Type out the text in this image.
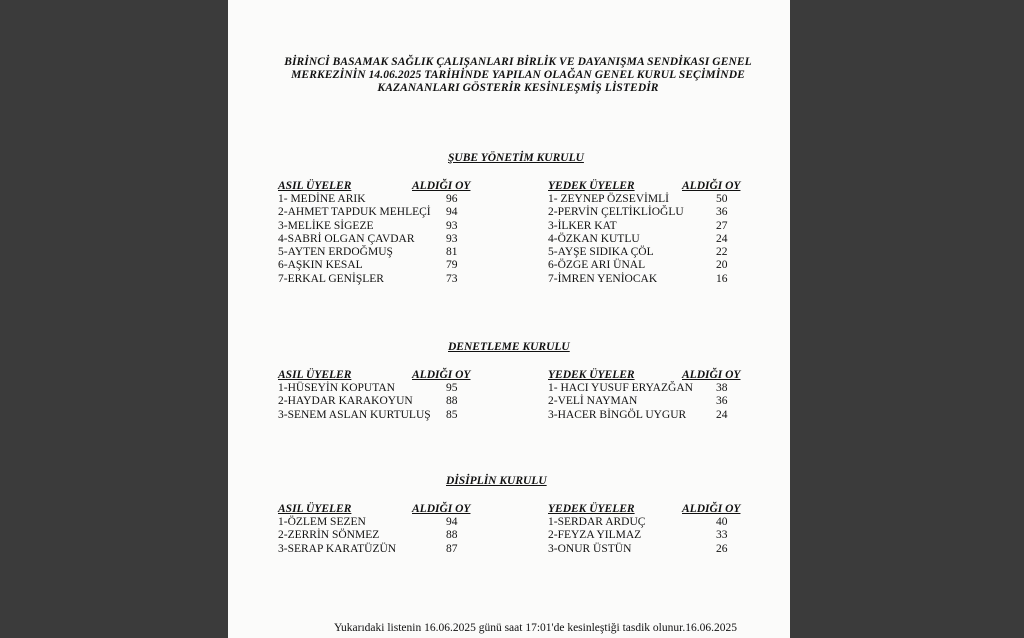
BİRİNCİ BASAMAK SAĞLIK ÇALIŞANLARI BİRLİK VE DAYANIŞMA SENDİKASI GENEL
MERKEZİNİN 14.06.2025 TARİHİNDE YAPILAN OLAĞAN GENEL KURUL SEÇİMİNDE
KAZANANLARI GÖSTERİR KESİNLEŞMİŞ LİSTEDİR
ŞUBE YÖNETİM KURULU
ASIL ÜYELER	ALDIĞI OY
1- MEDİNE ARIK	96
2-AHMET TAPDUK MEHLEÇİ	94
3-MELİKE SİGEZE	93
4-SABRİ OLGAN ÇAVDAR	93
5-AYTEN ERDOĞMUŞ	81
6-AŞKIN KESAL	79
7-ERKAL GENİŞLER	73
YEDEK ÜYELER	ALDIĞI OY
1- ZEYNEP ÖZSEVİMLİ	50
2-PERVİN ÇELTİKLİOĞLU	36
3-İLKER KAT	27
4-ÖZKAN KUTLU	24
5-AYŞE SIDIKA ÇÖL	22
6-ÖZGE ARI ÜNAL	20
7-İMREN YENİOCAK	16
DENETLEME KURULU
ASIL ÜYELER	ALDIĞI OY
1-HÜSEYİN KOPUTAN	95
2-HAYDAR KARAKOYUN	88
3-SENEM ASLAN KURTULUŞ	85
YEDEK ÜYELER	ALDIĞI OY
1- HACI YUSUF ERYAZĞAN	38
2-VELİ NAYMAN	36
3-HACER BİNGÖL UYGUR	24
DİSİPLİN KURULU
ASIL ÜYELER	ALDIĞI OY
1-ÖZLEM SEZEN	94
2-ZERRİN SÖNMEZ	88
3-SERAP KARATÜZÜN	87
YEDEK ÜYELER	ALDIĞI OY
1-SERDAR ARDUÇ	40
2-FEYZA YILMAZ	33
3-ONUR ÜSTÜN	26
Yukarıdaki listenin 16.06.2025 günü saat 17:01'de kesinleştiği tasdik olunur.16.06.2025
